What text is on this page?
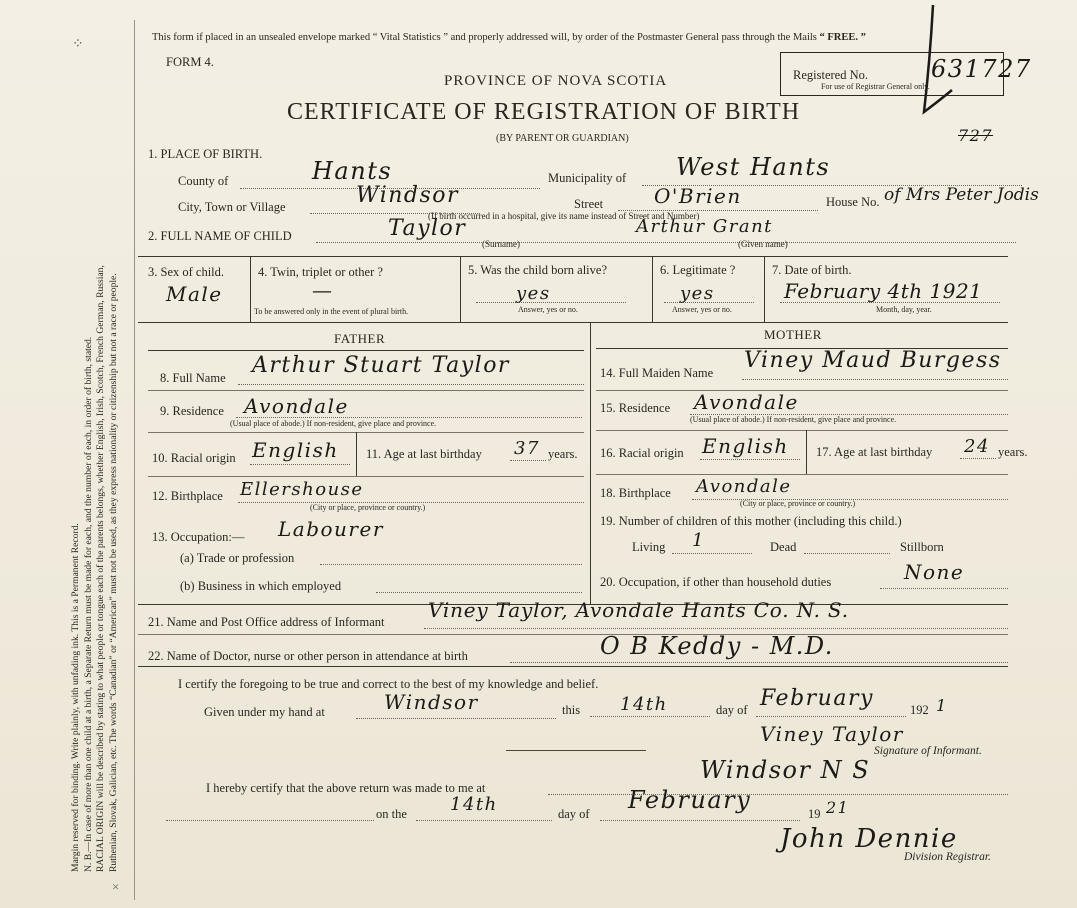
⁘
×
Margin reserved for binding. Write plainly, with unfading ink. This is a Permanent Record. N. B.—In case of more than one child at a birth, a Separate Return must be made for each, and the number of each, in order of birth, stated. RACIAL ORIGIN will be described by stating to what people or tongue each of the parents belongs, whether English, Irish, Scotch, French German, Russian, Ruthenian, Slovak, Galician, etc. The words “Canadian” or “American” must not be used, as they express nationality or citizenship but not a race or people.
This form if placed in an unsealed envelope marked “ Vital Statistics ” and properly addressed will, by order of the Postmaster General pass through the Mails “ FREE. ”
FORM 4.
PROVINCE OF NOVA SCOTIA
CERTIFICATE OF REGISTRATION OF BIRTH
(BY PARENT OR GUARDIAN)
Registered No.	631727
For use of Registrar General only.
727
1. PLACE OF BIRTH.
County of	Hants	Municipality of West Hants
City, Town or Village	Windsor	Street	O'Brien	House No. of Mrs Peter Jodis
(If birth occurred in a hospital, give its name instead of Street and Number)
2. FULL NAME OF CHILD	Taylor
(Surname)
Arthur Grant
(Given name)
3. Sex of child.
Male
4. Twin, triplet or other ?
—
To be answered only in the event of plural birth.
5. Was the child born alive?
yes
Answer, yes or no.
6. Legitimate ?
yes
Answer, yes or no.
7. Date of birth.
February 4th 1921
Month, day, year.
FATHER	MOTHER
8. Full Name Arthur Stuart Taylor
9. Residence Avondale
(Usual place of abode.) If non-resident, give place and province.
10. Racial origin English 11. Age at last birthday 37 years.
12. Birthplace Ellershouse
(City or place, province or country.)
13. Occupation:— Labourer
(a) Trade or profession
(b) Business in which employed
14. Full Maiden Name Viney Maud Burgess
15. Residence Avondale
(Usual place of abode.) If non-resident, give place and province.
16. Racial origin English 17. Age at last birthday 24 years.
18. Birthplace Avondale
(City or place, province or country.)
19. Number of children of this mother (including this child.)
Living 1	Dead	Stillborn
20. Occupation, if other than household duties	None
21. Name and Post Office address of Informant Viney Taylor, Avondale Hants Co. N. S.
22. Name of Doctor, nurse or other person in attendance at birth	O B Keddy - M.D.
I certify the foregoing to be true and correct to the best of my knowledge and belief.
Given under my hand at	Windsor	this 14th	day of February	192 1
Viney Taylor
Signature of Informant.
I hereby certify that the above return was made to me at
Windsor N S
on the 14th	day of February	19 21
John Dennie
Division Registrar.
